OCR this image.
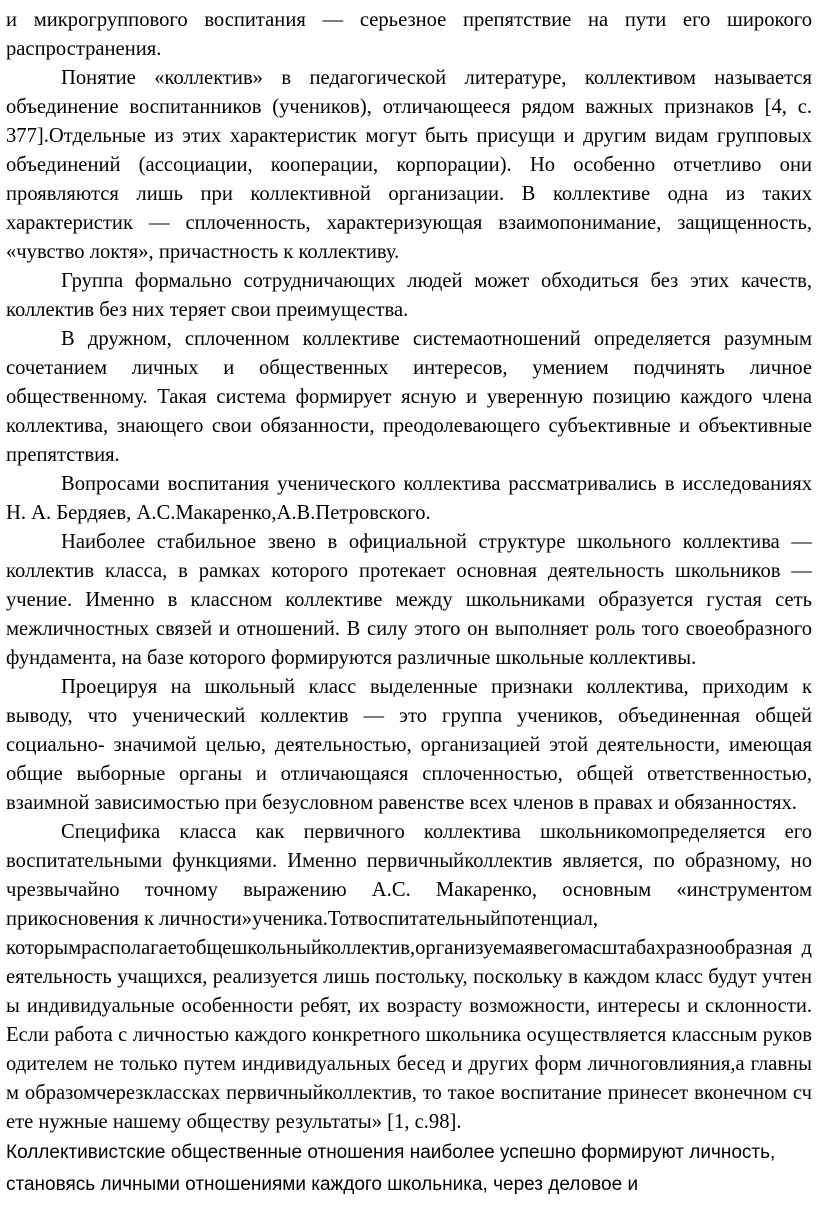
и микрогруппового воспитания — серьезное препятствие на пути его широкого распространения.

Понятие «коллектив» в педагогической литературе, коллективом называется объединение воспитанников (учеников), отличающееся рядом важных признаков [4, с. 377].Отдельные из этих характеристик могут быть присущи и другим видам групповых объединений (ассоциации, кооперации, корпорации). Но особенно отчетливо они проявляются лишь при коллективной организации. В коллективе одна из таких характеристик — сплоченность, характеризующая взаимопонимание, защищенность, «чувство локтя», причастность к коллективу.

Группа формально сотрудничающих людей может обходиться без этих качеств, коллектив без них теряет свои преимущества.

В дружном, сплоченном коллективе системаотношений определяется разумным сочетанием личных и общественных интересов, умением подчинять личное общественному. Такая система формирует ясную и уверенную позицию каждого члена коллектива, знающего свои обязанности, преодолевающего субъективные и объективные препятствия.

Вопросами воспитания ученического коллектива рассматривались в исследованиях Н. А. Бердяев, А.С.Макаренко,А.В.Петровского.

Наиболее стабильное звено в официальной структуре школьного коллектива — коллектив класса, в рамках которого протекает основная деятельность школьников — учение. Именно в классном коллективе между школьниками образуется густая сеть межличностных связей и отношений. В силу этого он выполняет роль того своеобразного фундамента, на базе которого формируются различные школьные коллективы.

Проецируя на школьный класс выделенные признаки коллектива, приходим к выводу, что ученический коллектив — это группа учеников, объединенная общей социально- значимой целью, деятельностью, организацией этой деятельности, имеющая общие выборные органы и отличающаяся сплоченностью, общей ответственностью, взаимной зависимостью при безусловном равенстве всех членов в правах и обязанностях.

Специфика класса как первичного коллектива школьникомопределяется его воспитательными функциями. Именно первичныйколлектив является, по образному, но чрезвычайно точному выражению А.С. Макаренко, основным «инструментом прикосновения к личности»ученика.Тотвоспитательныйпотенциал,

которымрасполагаетобщешкольныйколлектив,организуемаявегомасштабахразнообразная деятельность учащихся, реализуется лишь постольку, поскольку в каждом класс будут учтены индивидуальные особенности ребят, их возрасту возможности, интересы и склонности. Если работа с личностью каждого конкретного школьника осуществляется классным руководителем не только путем индивидуальных бесед и других форм личноговлияния,а главным образомчерезклассках первичныйколлектив, то такое воспитание принесет вконечном счете нужные нашему обществу результаты» [1, с.98].

Коллективистские общественные отношения наиболее успешно формируют личность, становясь личными отношениями каждого школьника, через деловое и
